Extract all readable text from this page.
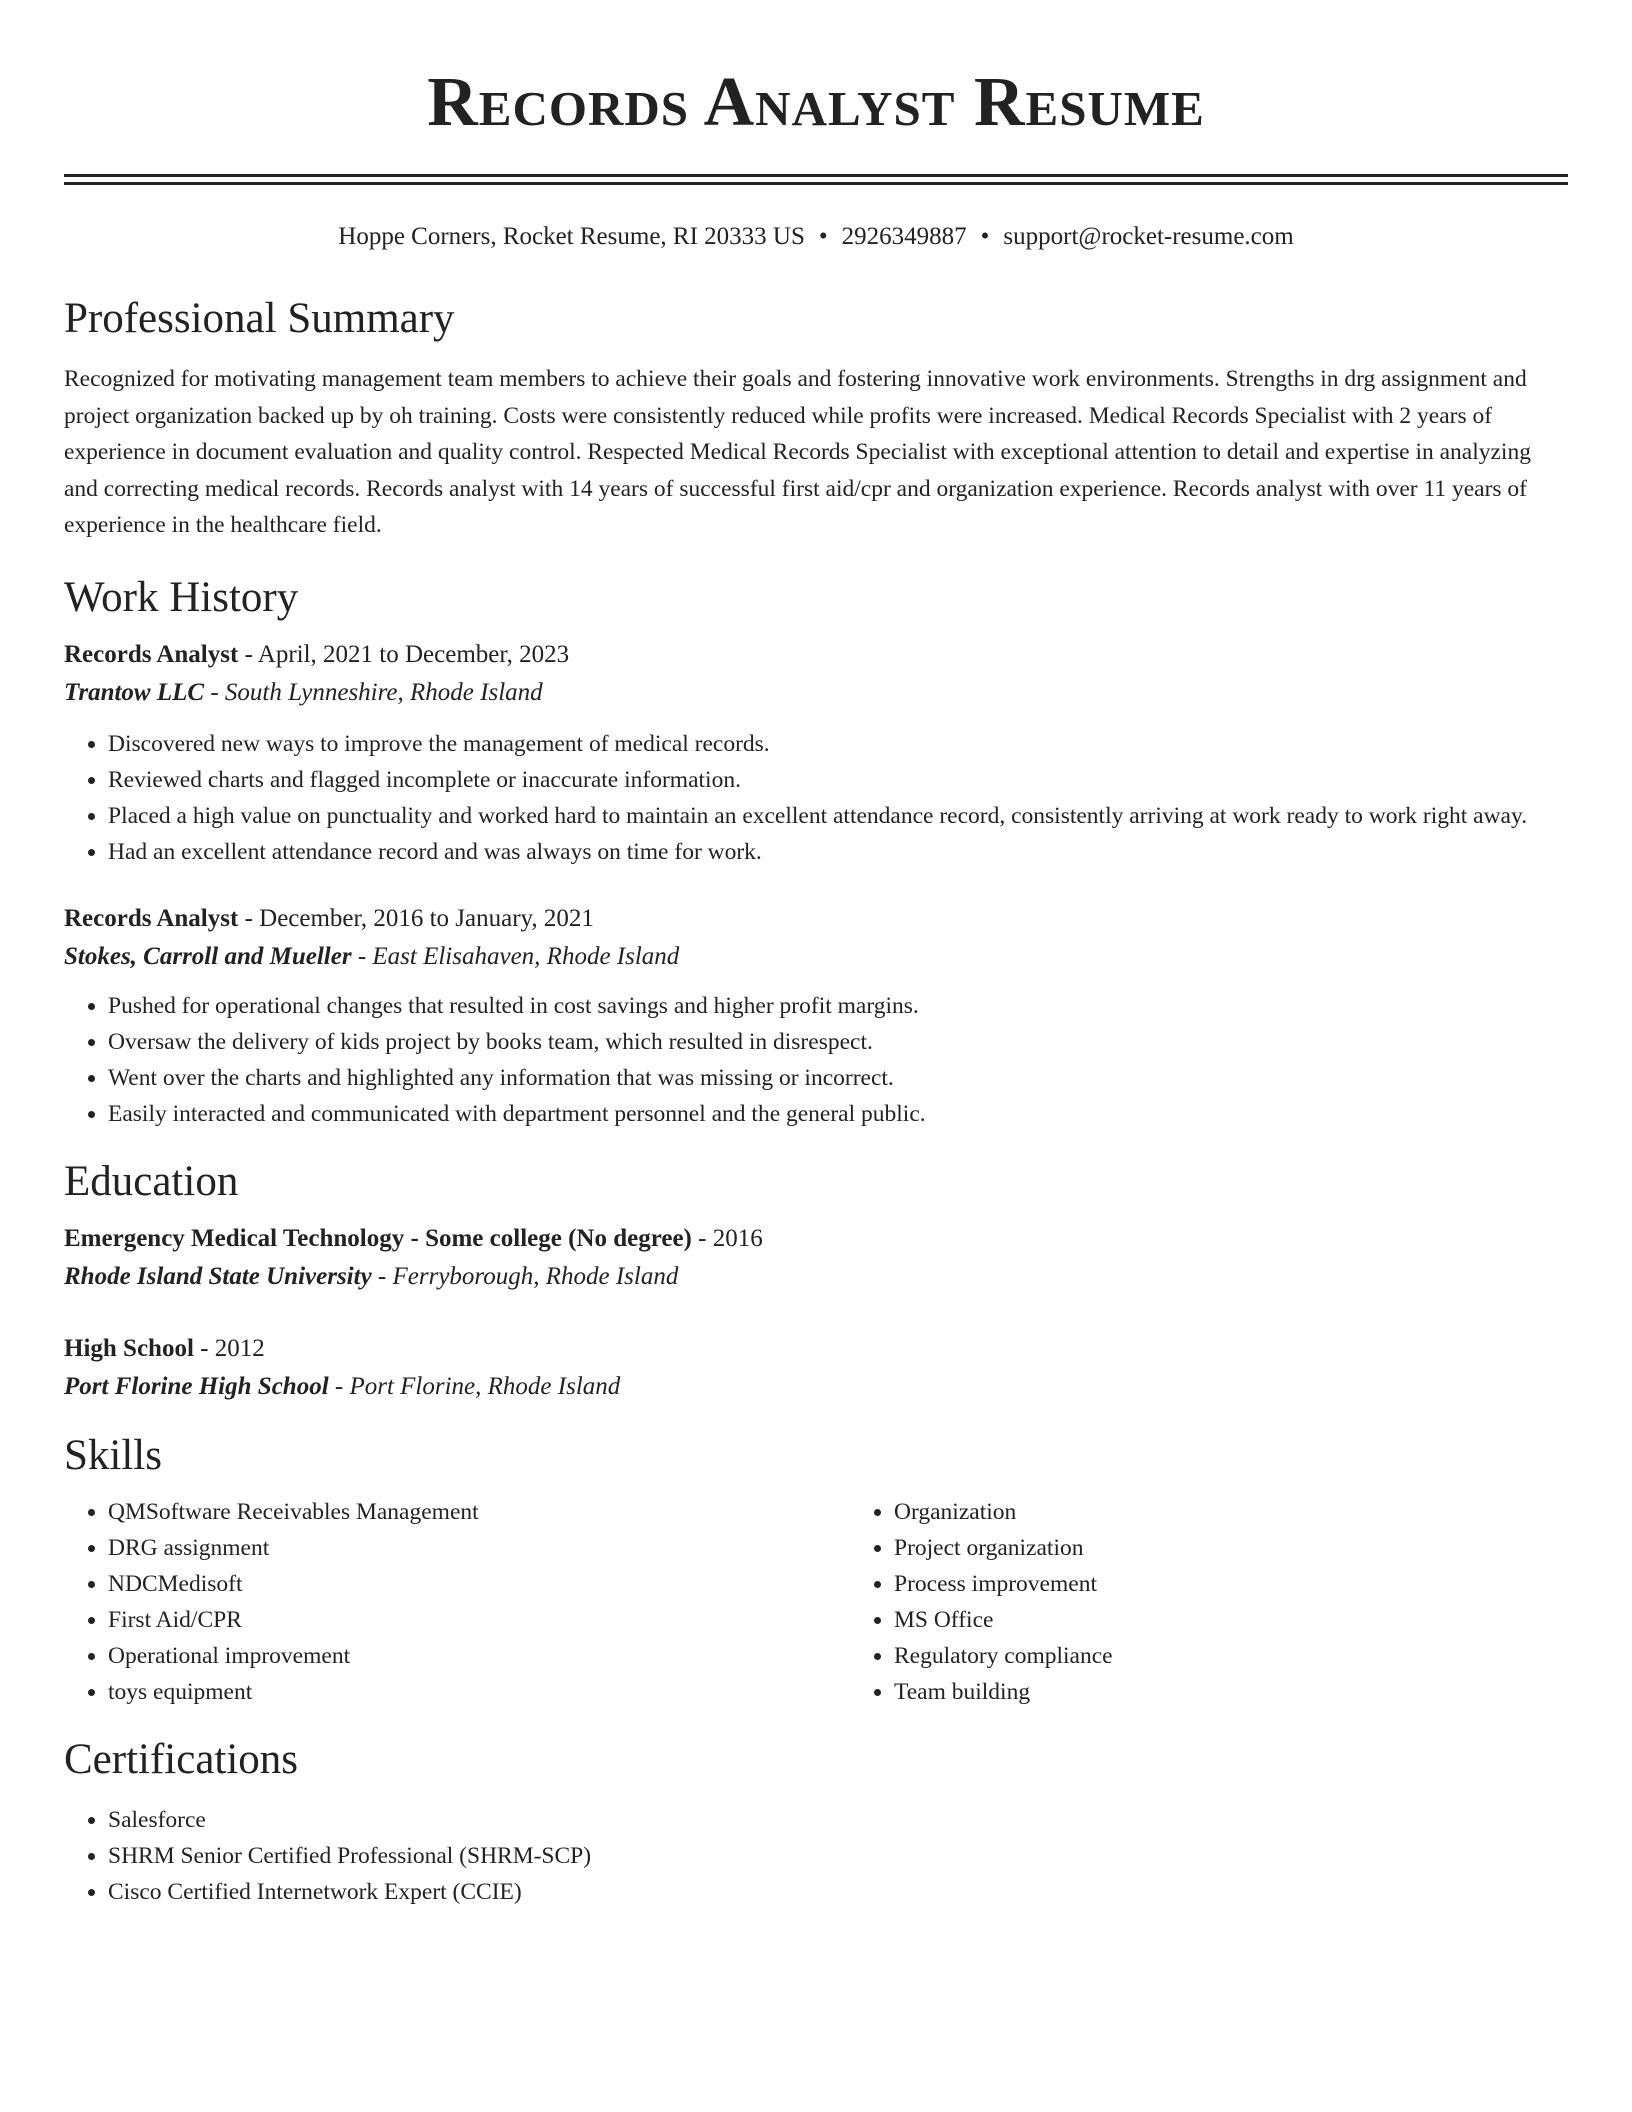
Records Analyst Resume
Hoppe Corners, Rocket Resume, RI 20333 US • 2926349887 • support@rocket-resume.com
Professional Summary

Recognized for motivating management team members to achieve their goals and fostering innovative work environments. Strengths in drg assignment and project organization backed up by oh training. Costs were consistently reduced while profits were increased. Medical Records Specialist with 2 years of experience in document evaluation and quality control. Respected Medical Records Specialist with exceptional attention to detail and expertise in analyzing and correcting medical records. Records analyst with 14 years of successful first aid/cpr and organization experience. Records analyst with over 11 years of experience in the healthcare field.

Work History
Records Analyst - April, 2021 to December, 2023
Trantow LLC - South Lynneshire, Rhode Island
• Discovered new ways to improve the management of medical records.
• Reviewed charts and flagged incomplete or inaccurate information.
• Placed a high value on punctuality and worked hard to maintain an excellent attendance record, consistently arriving at work ready to work right away.
• Had an excellent attendance record and was always on time for work.
Records Analyst - December, 2016 to January, 2021
Stokes, Carroll and Mueller - East Elisahaven, Rhode Island
• Pushed for operational changes that resulted in cost savings and higher profit margins.
• Oversaw the delivery of kids project by books team, which resulted in disrespect.
• Went over the charts and highlighted any information that was missing or incorrect.
• Easily interacted and communicated with department personnel and the general public.
Education
Emergency Medical Technology - Some college (No degree) - 2016
Rhode Island State University - Ferryborough, Rhode Island
High School - 2012
Port Florine High School - Port Florine, Rhode Island
Skills
• QMSoftware Receivables Management
• DRG assignment
• NDCMedisoft
• First Aid/CPR
• Operational improvement
• toys equipment
• Organization
• Project organization
• Process improvement
• MS Office
• Regulatory compliance
• Team building
Certifications
• Salesforce
• SHRM Senior Certified Professional (SHRM-SCP)
• Cisco Certified Internetwork Expert (CCIE)
